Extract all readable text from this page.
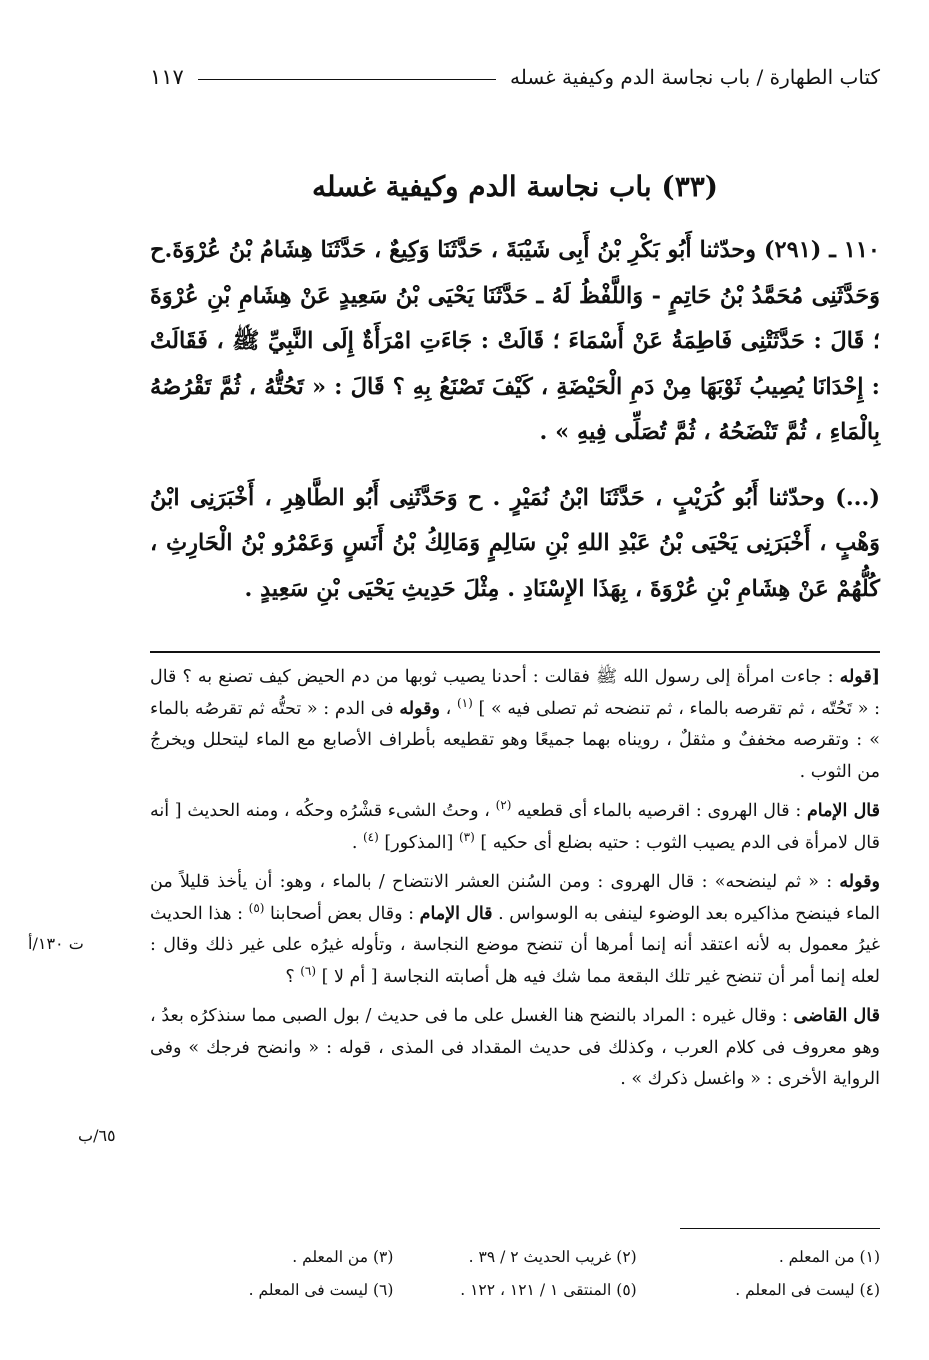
كتاب الطهارة / باب نجاسة الدم وكيفية غسله
١١٧
(٣٣) باب نجاسة الدم وكيفية غسله

١١٠ ـ (٢٩١) وحدّثنا أَبُو بَكْرِ بْنُ أَبِى شَيْبَةَ ، حَدَّثَنَا وَكِيعٌ ، حَدَّثَنَا هِشَامُ بْنُ عُرْوَةَ.ح وَحَدَّثَنِى مُحَمَّدُ بْنُ حَاتِمٍ - وَاللَّفْظُ لَهُ ـ حَدَّثَنَا يَحْيَى بْنُ سَعِيدٍ عَنْ هِشَامِ بْنِ عُرْوَةَ ؛ قَالَ : حَدَّثَتْنِى فَاطِمَةُ عَنْ أَسْمَاءَ ؛ قَالَتْ : جَاءَتِ امْرَأَةٌ إِلَى النَّبِيِّ ﷺ ، فَقَالَتْ : إِحْدَانَا يُصِيبُ ثَوْبَهَا مِنْ دَمِ الْحَيْضَةِ ، كَيْفَ تَصْنَعُ بِهِ ؟ قَالَ : « تَحُتُّهُ ، ثُمَّ تَقْرُصُهُ بِالْمَاءِ ، ثُمَّ تَنْضَحُهُ ، ثُمَّ تُصَلِّى فِيهِ » .

(...) وحدّثنا أَبُو كُرَيْبٍ ، حَدَّثَنَا ابْنُ نُمَيْرٍ . ح وَحَدَّثَنِى أَبُو الطَّاهِرِ ، أَخْبَرَنِى ابْنُ وَهْبٍ ، أَخْبَرَنِى يَحْيَى بْنُ عَبْدِ اللهِ بْنِ سَالِمٍ وَمَالِكُ بْنُ أَنَسٍ وَعَمْرُو بْنُ الْحَارِثِ ، كُلُّهُمْ عَنْ هِشَامِ بْنِ عُرْوَةَ ، بِهَذَا الإِسْنَادِ . مِثْلَ حَدِيثِ يَحْيَى بْنِ سَعِيدٍ .

[قوله : جاءت امرأة إلى رسول الله ﷺ فقالت : أحدنا يصيب ثوبها من دم الحيض كيف تصنع به ؟ قال : « تَحُتّه ، ثم تقرصه بالماء ، ثم تنضحه ثم تصلى فيه » ] $^{(١)}$ ، وقوله فى الدم : « تحتُّه ثم تقرصُه بالماء » : وتقرصه مخففٌ و مثقلٌ ، رويناه بهما جميعًا وهو تقطيعه بأطراف الأصابع مع الماء ليتحلل ويخرجُ من الثوب .

قال الإمام : قال الهروى : اقرصيه بالماء أى قطعيه $^{(٢)}$ ، وحتُ الشىء قشْرُه وحكُه ، ومنه الحديث [ أنه قال لامرأة فى الدم يصيب الثوب : حتيه بضلع أى حكيه ] $^{(٣)}$ [المذكور] $^{(٤)}$ .

وقوله : « ثم لينضحه» : قال الهروى : ومن السُنن العشر الانتضاح / بالماء ، وهو: أن يأخذ قليلاً من الماء فينضح مذاكيره بعد الوضوء لينفى به الوسواس . قال الإمام : وقال بعض أصحابنا $^{(٥)}$ : هذا الحديث غيرُ معمول به لأنه اعتقد أنه إنما أمرها أن تنضح موضع النجاسة ، وتأوله غيرُه على غير ذلك وقال : لعله إنما أمر أن تنضح غير تلك البقعة مما شك فيه هل أصابته النجاسة [ أم لا ] $^{(٦)}$ ؟

قال القاضى : وقال غيره : المراد بالنضح هنا الغسل على ما فى حديث / بول الصبى مما سنذكرُه بعدُ ، وهو معروف فى كلام العرب ، وكذلك فى حديث المقداد فى المذى ، قوله : « وانضح فرجك » وفى الرواية الأخرى : « واغسل ذكرك » .

ت ١٣٠/أ
٦٥/ب
(١) من المعلم .
(٢) غريب الحديث ٢ / ٣٩ .
(٣) من المعلم .
(٤) ليست فى المعلم .
(٥) المنتقى ١ / ١٢١ ، ١٢٢ .
(٦) ليست فى المعلم .
